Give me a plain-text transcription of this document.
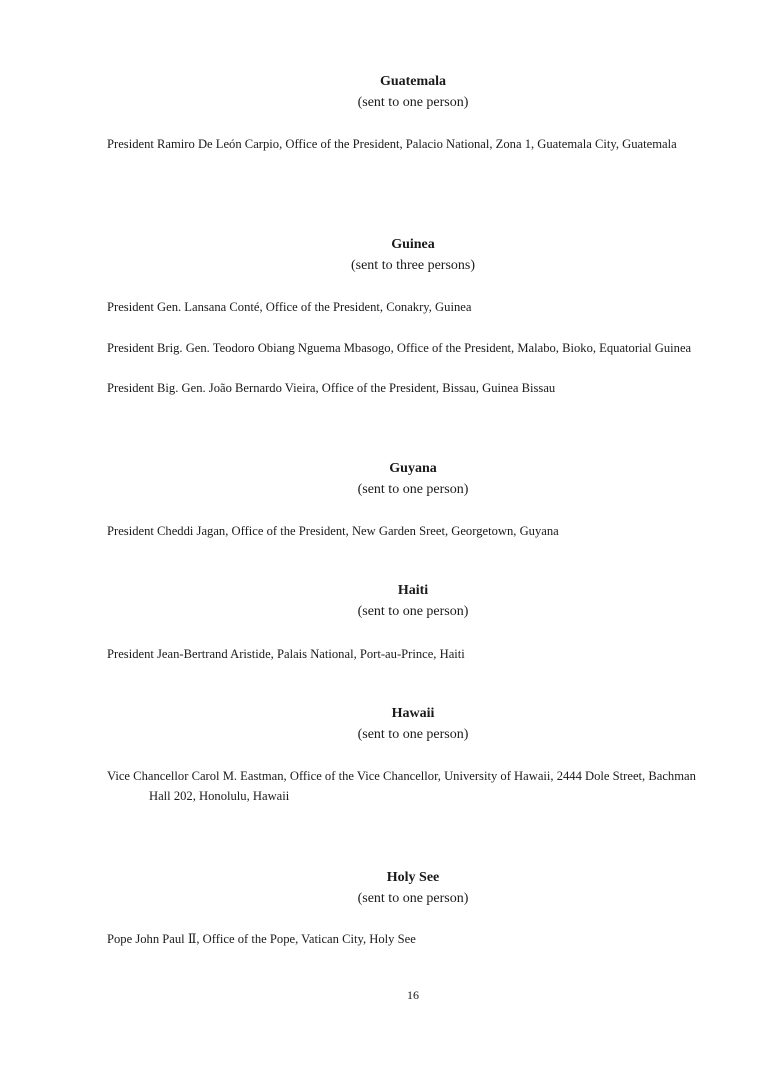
Guatemala
(sent to one person)
President Ramiro De León Carpio, Office of the President, Palacio National, Zona 1, Guatemala City, Guatemala
Guinea
(sent to three persons)
President Gen. Lansana Conté, Office of the President, Conakry, Guinea
President Brig. Gen. Teodoro Obiang Nguema Mbasogo, Office of the President, Malabo, Bioko, Equatorial Guinea
President Big. Gen. João Bernardo Vieira, Office of the President, Bissau, Guinea Bissau
Guyana
(sent to one person)
President Cheddi Jagan, Office of the President, New Garden Sreet, Georgetown, Guyana
Haiti
(sent to one person)
President Jean-Bertrand Aristide, Palais National, Port-au-Prince, Haiti
Hawaii
(sent to one person)
Vice Chancellor Carol M. Eastman, Office of the Vice Chancellor, University of Hawaii, 2444 Dole Street, Bachman Hall 202, Honolulu, Hawaii
Holy See
(sent to one person)
Pope John Paul Ⅱ, Office of the Pope, Vatican City, Holy See
16
